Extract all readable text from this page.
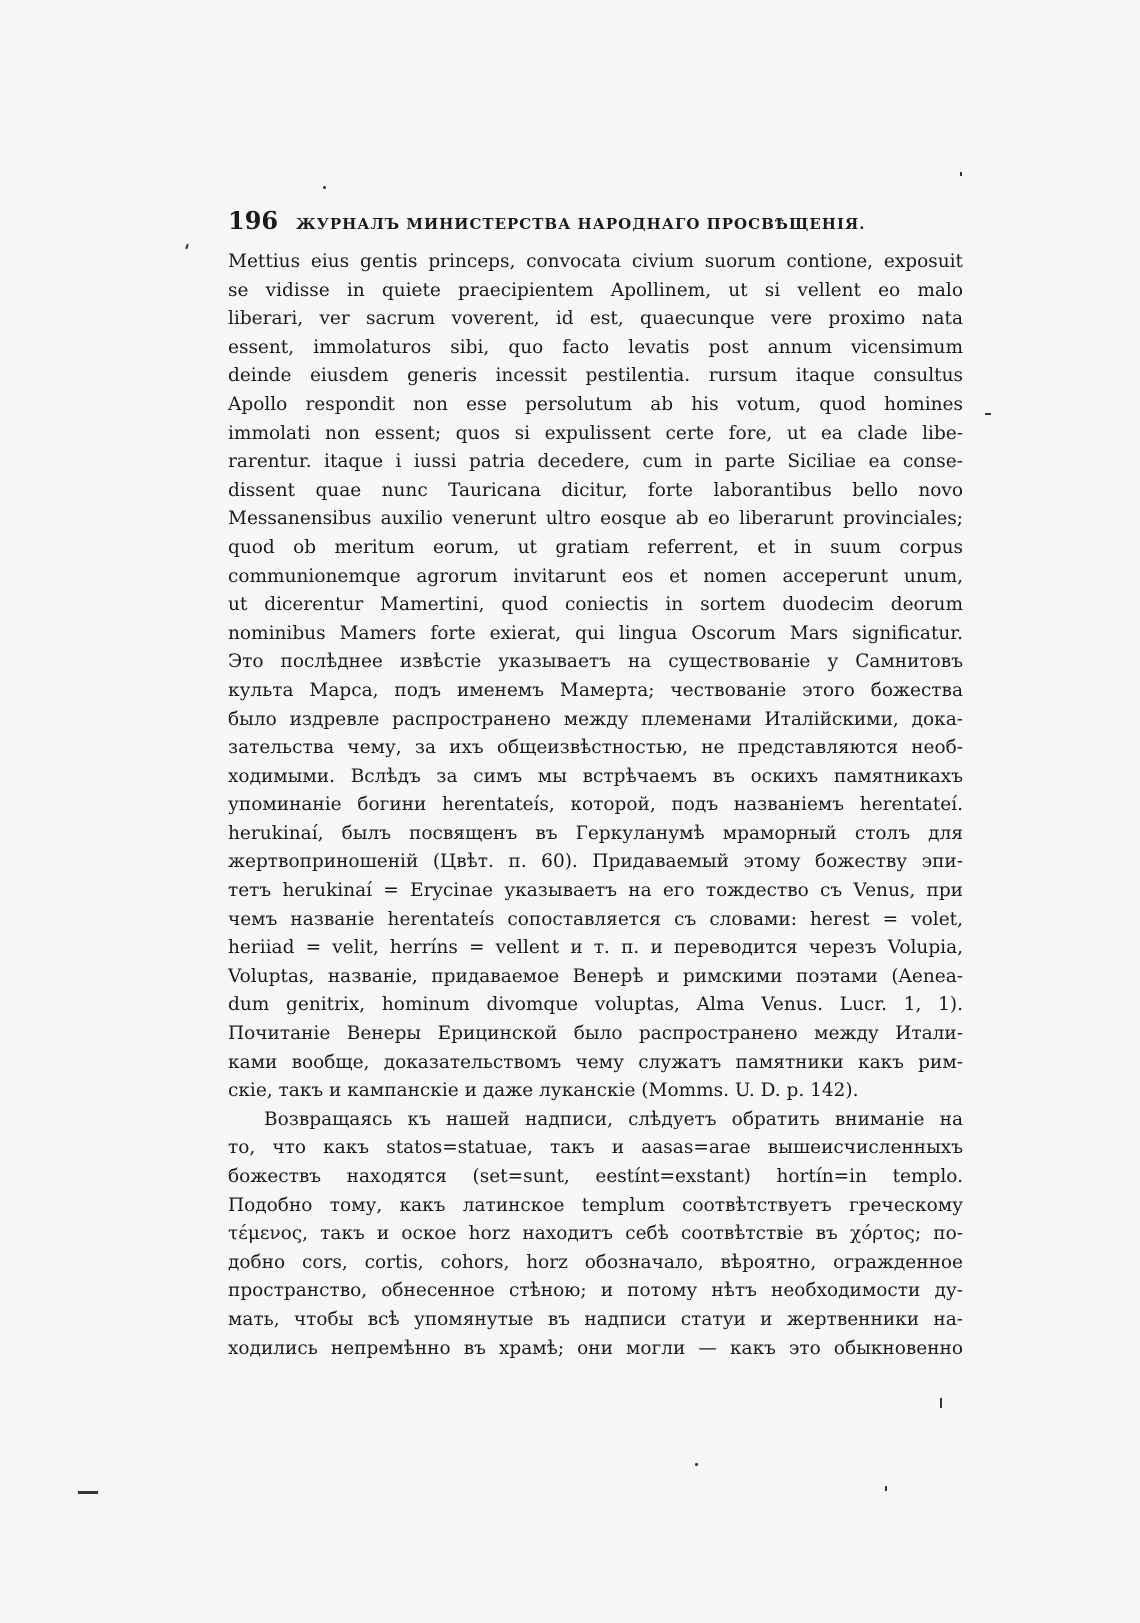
196	ЖУРНАЛЪ МИНИСТЕРСТВА НАРОДНАГО ПРОСВѢЩЕНІЯ.

Mettius eius gentis princeps, convocata civium suorum contione, exposuit

se vidisse in quiete praecipientem Apollinem, ut si vellent eo malo

liberari, ver sacrum voverent, id est, quaecunque vere proximo nata

essent, immolaturos sibi, quo facto levatis post annum vicensimum

deinde eiusdem generis incessit pestilentia. rursum itaque consultus

Apollo respondit non esse persolutum ab his votum, quod homines

immolati non essent; quos si expulissent certe fore, ut ea clade libe-

rarentur. itaque i iussi patria decedere, cum in parte Siciliae ea conse-

dissent quae nunc Tauricana dicitur, forte laborantibus bello novo

Messanensibus auxilio venerunt ultro eosque ab eo liberarunt provinciales;

quod ob meritum eorum, ut gratiam referrent, et in suum corpus

communionemque agrorum invitarunt eos et nomen acceperunt unum,

ut dicerentur Mamertini, quod coniectis in sortem duodecim deorum

nominibus Mamers forte exierat, qui lingua Oscorum Mars significatur.

Это послѣднее извѣстіе указываетъ на существованіе у Самнитовъ

культа Марса, подъ именемъ Мамерта; чествованіе этого божества

было издревле распространено между племенами Италійскими, дока-

зательства чему, за ихъ общеизвѣстностью, не представляются необ-

ходимыми. Вслѣдъ за симъ мы встрѣчаемъ въ оскихъ памятникахъ

упоминаніе богини herentateís, которой, подъ названіемъ herentateí.

herukinaí, былъ посвященъ въ Геркуланумѣ мраморный столъ для

жертвоприношеній (Цвѣт. п. 60). Придаваемый этому божеству эпи-

тетъ herukinaí = Erycinae указываетъ на его тождество съ Venus, при

чемъ названіе herentateís сопоставляется съ словами: herest = volet,

heriiad = velit, herríns = vellent и т. п. и переводится черезъ Volupia,

Voluptas, названіе, придаваемое Венерѣ и римскими поэтами (Aenea-

dum genitrix, hominum divomque voluptas, Alma Venus. Lucr. 1, 1).

Почитаніе Венеры Ерицинской было распространено между Итали-

ками вообще, доказательствомъ чему служатъ памятники какъ рим-

скіе, такъ и кампанскіе и даже луканскіе (Momms. U. D. p. 142).

Возвращаясь къ нашей надписи, слѣдуетъ обратить вниманіе на

то, что какъ statos=statuae, такъ и aasas=arae вышеисчисленныхъ

божествъ находятся (set=sunt, eestínt=exstant) hortín=in templo.

Подобно тому, какъ латинское templum соотвѣтствуетъ греческому

τέμενος, такъ и оское horz находитъ себѣ соотвѣтствіе въ χόρτος; по-

добно cors, cortis, cohors, horz обозначало, вѣроятно, огражденное

пространство, обнесенное стѣною; и потому нѣтъ необходимости ду-

мать, чтобы всѣ упомянутые въ надписи статуи и жертвенники на-

ходились непремѣнно въ храмѣ; они могли — какъ это обыкновенно
